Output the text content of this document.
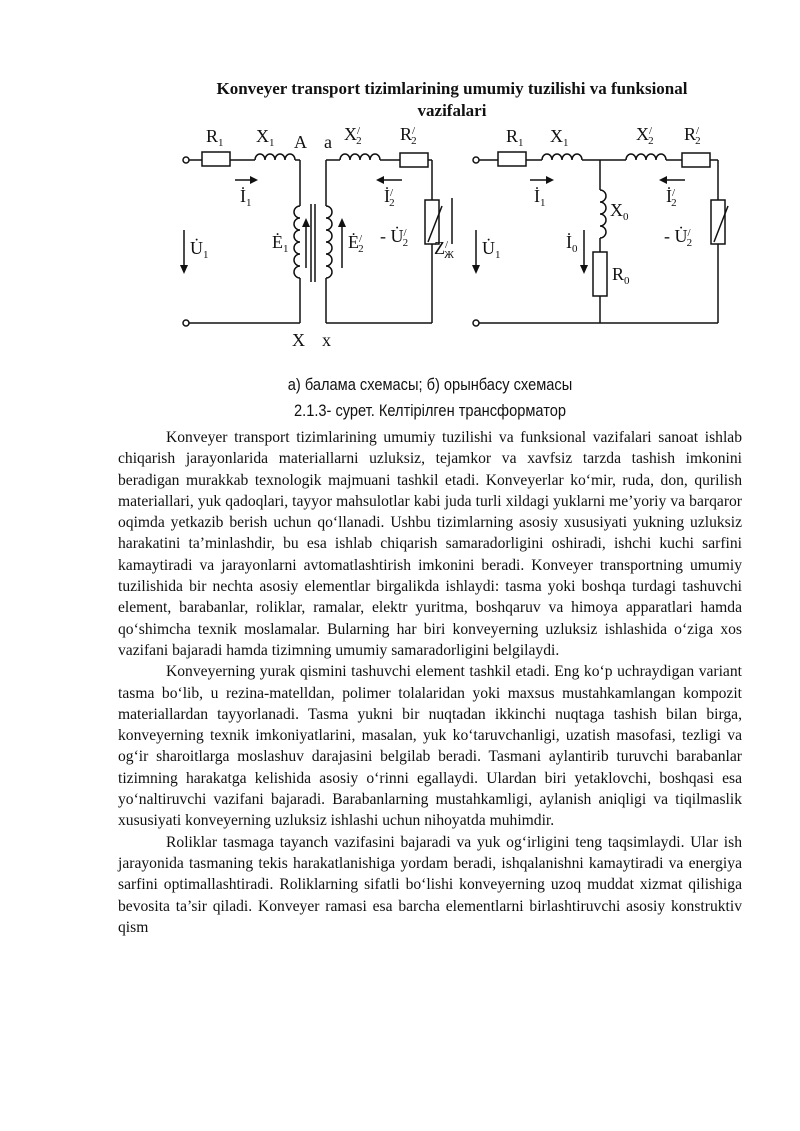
Konveyer transport tizimlarining umumiy tuzilishi va funksional vazifalari
$R_1$ $X_1$ A a X/ 2 R/ 2
$İ_1$	İ/ 2
$Ė_1$	Ė/ 2
- U̇/ 2
$U̇_1$	Z/ Ж
X x
$R_1$ $X_1$	X/ 2 R/ 2
$İ_1$	$X_0$
İ/ 2
$İ_0$
- U̇/ 2
$U̇_1$
$R_0$
а) балама схемасы; б) орынбасу схемасы
2.1.3- сурет. Келтірілген трансформатор

Konveyer transport tizimlarining umumiy tuzilishi va funksional vazifalari sanoat ishlab chiqarish jarayonlarida materiallarni uzluksiz, tejamkor va xavfsiz tarzda tashish imkonini beradigan murakkab texnologik majmuani tashkil etadi. Konveyerlar ko‘mir, ruda, don, qurilish materiallari, yuk qadoqlari, tayyor mahsulotlar kabi juda turli xildagi yuklarni me’yoriy va barqaror oqimda yetkazib berish uchun qo‘llanadi. Ushbu tizimlarning asosiy xususiyati yukning uzluksiz harakatini ta’minlashdir, bu esa ishlab chiqarish samaradorligini oshiradi, ishchi kuchi sarfini kamaytiradi va jarayonlarni avtomatlashtirish imkonini beradi. Konveyer transportning umumiy tuzilishida bir nechta asosiy elementlar birgalikda ishlaydi: tasma yoki boshqa turdagi tashuvchi element, barabanlar, roliklar, ramalar, elektr yuritma, boshqaruv va himoya apparatlari hamda qo‘shimcha texnik moslamalar. Bularning har biri konveyerning uzluksiz ishlashida o‘ziga xos vazifani bajaradi hamda tizimning umumiy samaradorligini belgilaydi.

Konveyerning yurak qismini tashuvchi element tashkil etadi. Eng ko‘p uchraydigan variant tasma bo‘lib, u rezina-matelldan, polimer tolalaridan yoki maxsus mustahkamlangan kompozit materiallardan tayyorlanadi. Tasma yukni bir nuqtadan ikkinchi nuqtaga tashish bilan birga, konveyerning texnik imkoniyatlarini, masalan, yuk ko‘taruvchanligi, uzatish masofasi, tezligi va og‘ir sharoitlarga moslashuv darajasini belgilab beradi. Tasmani aylantirib turuvchi barabanlar tizimning harakatga kelishida asosiy o‘rinni egallaydi. Ulardan biri yetaklovchi, boshqasi esa yo‘naltiruvchi vazifani bajaradi. Barabanlarning mustahkamligi, aylanish aniqligi va tiqilmaslik xususiyati konveyerning uzluksiz ishlashi uchun nihoyatda muhimdir.

Roliklar tasmaga tayanch vazifasini bajaradi va yuk og‘irligini teng taqsimlaydi. Ular ish jarayonida tasmaning tekis harakatlanishiga yordam beradi, ishqalanishni kamaytiradi va energiya sarfini optimallashtiradi. Roliklarning sifatli bo‘lishi konveyerning uzoq muddat xizmat qilishiga bevosita ta’sir qiladi. Konveyer ramasi esa barcha elementlarni birlashtiruvchi asosiy konstruktiv qism
